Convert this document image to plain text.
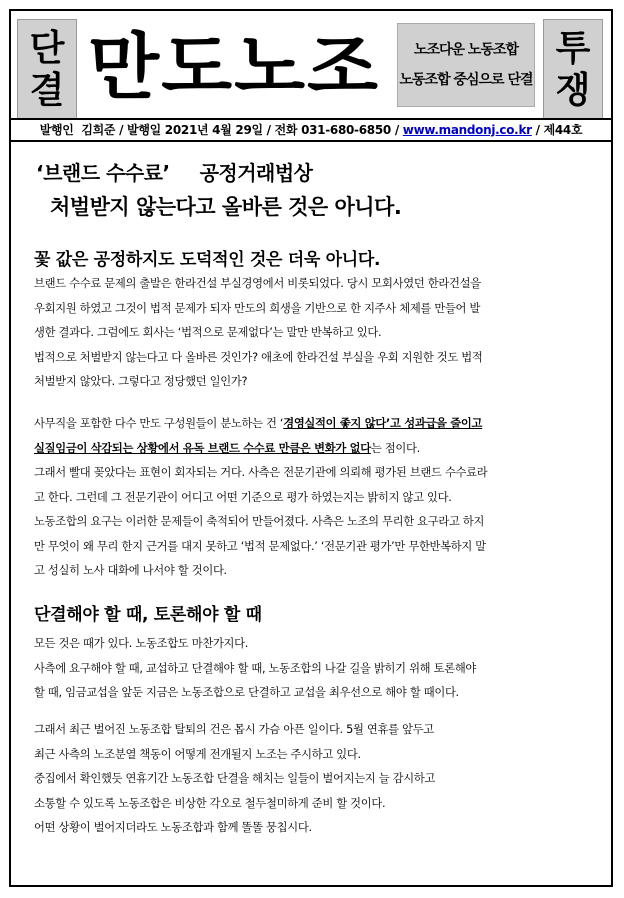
단
결 만도노조 노조다운 노동조합
노동조합 중심으로 단결
투
쟁
발행인  김희준 / 발행일 2021년 4월 29일 / 전화 031-680-6850 / www.mandonj.co.kr / 제44호
‘브랜드 수수료’ 공정거래법상
처벌받지 않는다고 올바른 것은 아니다.
꽃 값은 공정하지도 도덕적인 것은 더욱 아니다.
브랜드 수수료 문제의 출발은 한라건설 부실경영에서 비롯되었다. 당시 모회사였던 한라건설을
우회지원 하였고 그것이 법적 문제가 되자 만도의 희생을 기반으로 한 지주사 체제를 만들어 발
생한 결과다. 그럼에도 회사는 ‘법적으로 문제없다’는 말만 반복하고 있다.
법적으로 처벌받지 않는다고 다 올바른 것인가? 애초에 한라건설 부실을 우회 지원한 것도 법적
처벌받지 않았다. 그렇다고 정당했던 일인가?
사무직을 포함한 다수 만도 구성원들이 분노하는 건 ‘경영실적이 좋지 않다’고 성과급을 줄이고
실질임금이 삭감되는 상황에서 유독 브랜드 수수료 만큼은 변화가 없다는 점이다.
그래서 빨대 꽂았다는 표현이 회자되는 거다. 사측은 전문기관에 의뢰해 평가된 브랜드 수수료라
고 한다. 그런데 그 전문기관이 어디고 어떤 기준으로 평가 하였는지는 밝히지 않고 있다.
노동조합의 요구는 이러한 문제들이 축적되어 만들어졌다. 사측은 노조의 무리한 요구라고 하지
만 무엇이 왜 무리 한지 근거를 대지 못하고 ‘법적 문제없다.’ ‘전문기관 평가’만 무한반복하지 말
고 성실히 노사 대화에 나서야 할 것이다.
단결해야 할 때, 토론해야 할 때
모든 것은 때가 있다. 노동조합도 마찬가지다.
사측에 요구해야 할 때, 교섭하고 단결해야 할 때, 노동조합의 나갈 길을 밝히기 위해 토론해야
할 때, 임금교섭을 앞둔 지금은 노동조합으로 단결하고 교섭을 최우선으로 해야 할 때이다.
그래서 최근 벌어진 노동조합 탈퇴의 건은 몹시 가슴 아픈 일이다. 5월 연휴를 앞두고
최근 사측의 노조분열 책동이 어떻게 전개될지 노조는 주시하고 있다.
중집에서 확인했듯 연휴기간 노동조합 단결을 해치는 일들이 벌어지는지 늘 감시하고
소통할 수 있도록 노동조합은 비상한 각오로 철두철미하게 준비 할 것이다.
어떤 상황이 벌어지더라도 노동조합과 함께 똘똘 뭉칩시다.
